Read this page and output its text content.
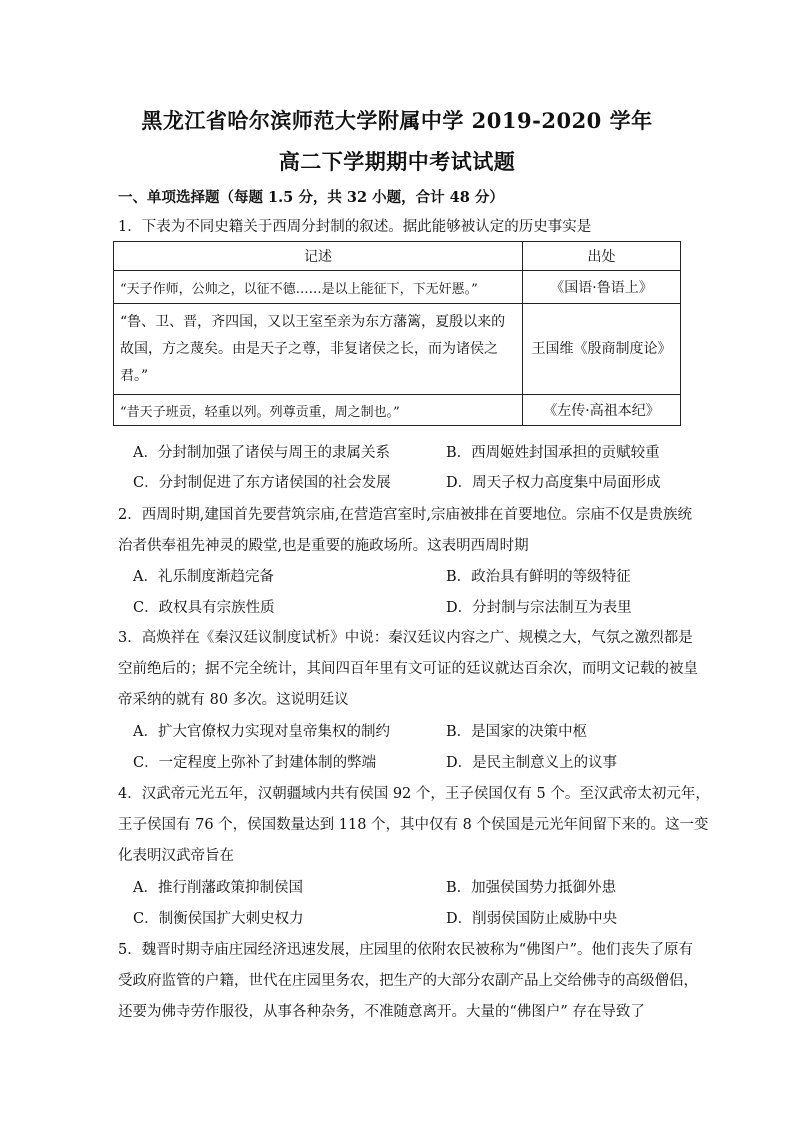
黑龙江省哈尔滨师范大学附属中学 2019-2020 学年
高二下学期期中考试试题
一、单项选择题（每题 1.5 分，共 32 小题，合计 48 分）
1．下表为不同史籍关于西周分封制的叙述。据此能够被认定的历史事实是
记述	出处
“天子作师，公帅之，以征不德……是以上能征下，下无奸慝。”	《国语·鲁语上》
“鲁、卫、晋，齐四国，又以王室至亲为东方藩篱，夏殷以来的故国，方之蔑矣。由是天子之尊，非复诸侯之长，而为诸侯之君。”	王国维《殷商制度论》
“昔天子班贡，轻重以列。列尊贡重，周之制也。”	《左传·高祖本纪》
A．分封制加强了诸侯与周王的隶属关系	B．西周姬姓封国承担的贡赋较重
C．分封制促进了东方诸侯国的社会发展	D．周天子权力高度集中局面形成
2．西周时期,建国首先要营筑宗庙,在营造宫室时,宗庙被排在首要地位。宗庙不仅是贵族统
治者供奉祖先神灵的殿堂,也是重要的施政场所。这表明西周时期
A．礼乐制度渐趋完备	B．政治具有鲜明的等级特征
C．政权具有宗族性质	D．分封制与宗法制互为表里
3．高焕祥在《秦汉廷议制度试析》中说：秦汉廷议内容之广、规模之大，气氛之激烈都是
空前绝后的；据不完全统计，其间四百年里有文可证的廷议就达百余次，而明文记载的被皇
帝采纳的就有 80 多次。这说明廷议
A．扩大官僚权力实现对皇帝集权的制约	B．是国家的决策中枢
C．一定程度上弥补了封建体制的弊端	D．是民主制意义上的议事
4．汉武帝元光五年，汉朝疆域内共有侯国 92 个，王子侯国仅有 5 个。至汉武帝太初元年，
王子侯国有 76 个，侯国数量达到 118 个，其中仅有 8 个侯国是元光年间留下来的。这一变
化表明汉武帝旨在
A．推行削藩政策抑制侯国	B．加强侯国势力抵御外患
C．制衡侯国扩大刺史权力	D．削弱侯国防止威胁中央
5．魏晋时期寺庙庄园经济迅速发展，庄园里的依附农民被称为“佛图户”。他们丧失了原有
受政府监管的户籍，世代在庄园里务农，把生产的大部分农副产品上交给佛寺的高级僧侣，
还要为佛寺劳作服役，从事各种杂务，不准随意离开。大量的“佛图户” 存在导致了
